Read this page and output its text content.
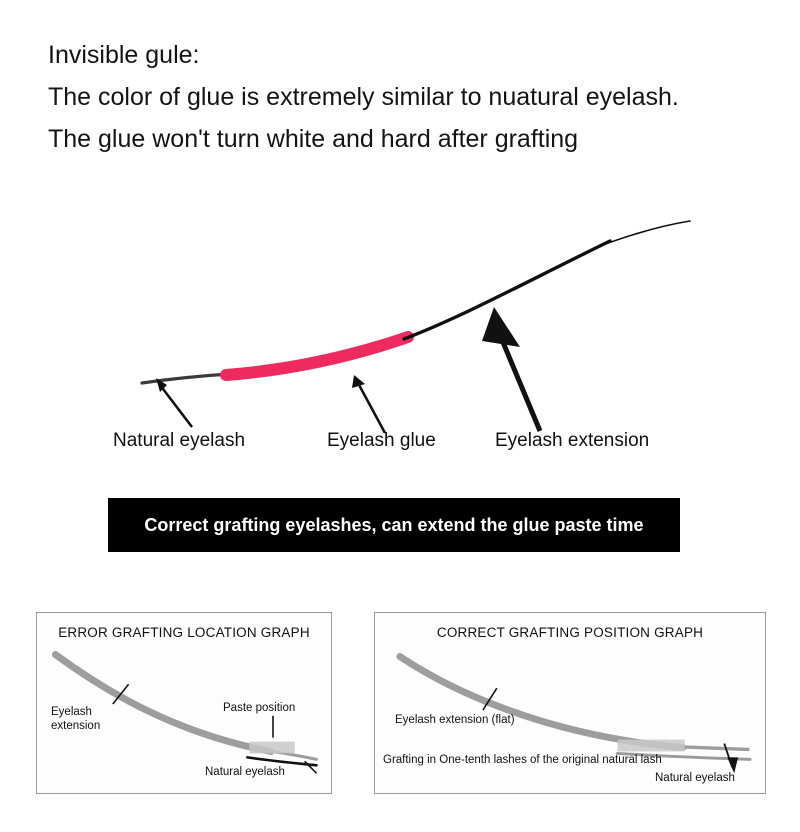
Invisible gule:
The color of glue is extremely similar to nuatural eyelash.
The glue won't turn white and hard after grafting
Natural eyelash	Eyelash glue	Eyelash extension
Correct grafting eyelashes, can extend the glue paste time
ERROR GRAFTING LOCATION GRAPH
Eyelash
extension
Paste position
Natural eyelash
CORRECT GRAFTING POSITION GRAPH
Eyelash extension (flat)
Grafting in One-tenth lashes of the original natural lash
Natural eyelash
